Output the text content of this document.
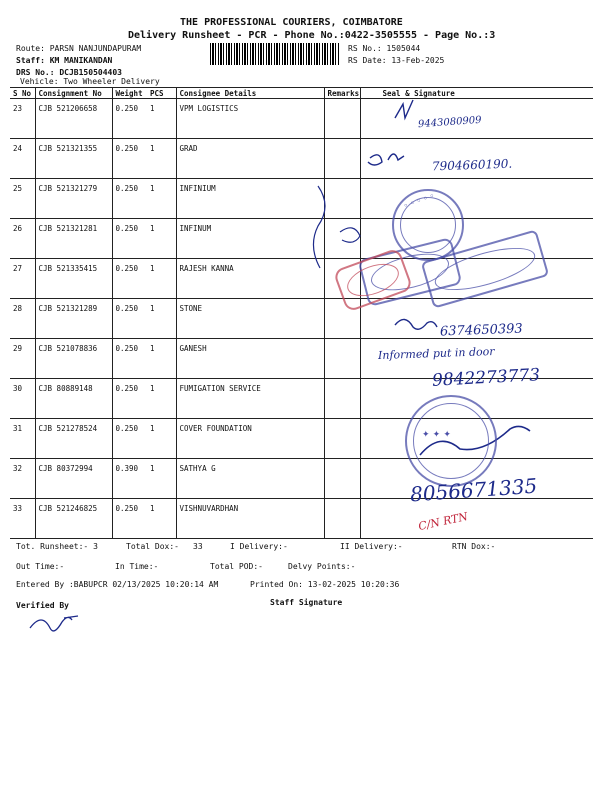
THE PROFESSIONAL COURIERS, COIMBATORE
Delivery Runsheet - PCR - Phone No.:0422-3505555 - Page No.:3
Route: PARSN NANJUNDAPURAM
Staff: KM MANIKANDAN
DRS No.: DCJB150504403
Vehicle: Two Wheeler Delivery
RS No.: 1505044
RS Date: 13-Feb-2025
S No	Consignment No	Weight	PCS	Consignee Details	Remarks	Seal & Signature
23	CJB 521206658	0.250	1	VPM LOGISTICS		
24	CJB 521321355	0.250	1	GRAD		
25	CJB 521321279	0.250	1	INFINIUM		
26	CJB 521321281	0.250	1	INFINUM		
27	CJB 521335415	0.250	1	RAJESH KANNA		
28	CJB 521321289	0.250	1	STONE		
29	CJB 521078836	0.250	1	GANESH		
30	CJB 80889148	0.250	1	FUMIGATION SERVICE		
31	CJB 521278524	0.250	1	COVER FOUNDATION		
32	CJB 80372994	0.390	1	SATHYA G		
33	CJB 521246825	0.250	1	VISHNUVARDHAN		
◦ ◦ ◦ ◦ ◦
✦ ✦ ✦
9443080909
7904660190.
6374650393
Informed put in door
9842273773
8056671335
C/N RTN
Tot. Runsheet:- 3	Total Dox:- 33	I Delivery:-	II Delivery:-	RTN Dox:-
Out Time:-	In Time:-	Total POD:-	Delvy Points:-
Entered By :BABUPCR 02/13/2025 10:20:14 AM	Printed On: 13-02-2025 10:20:36
Verified By	Staff Signature
